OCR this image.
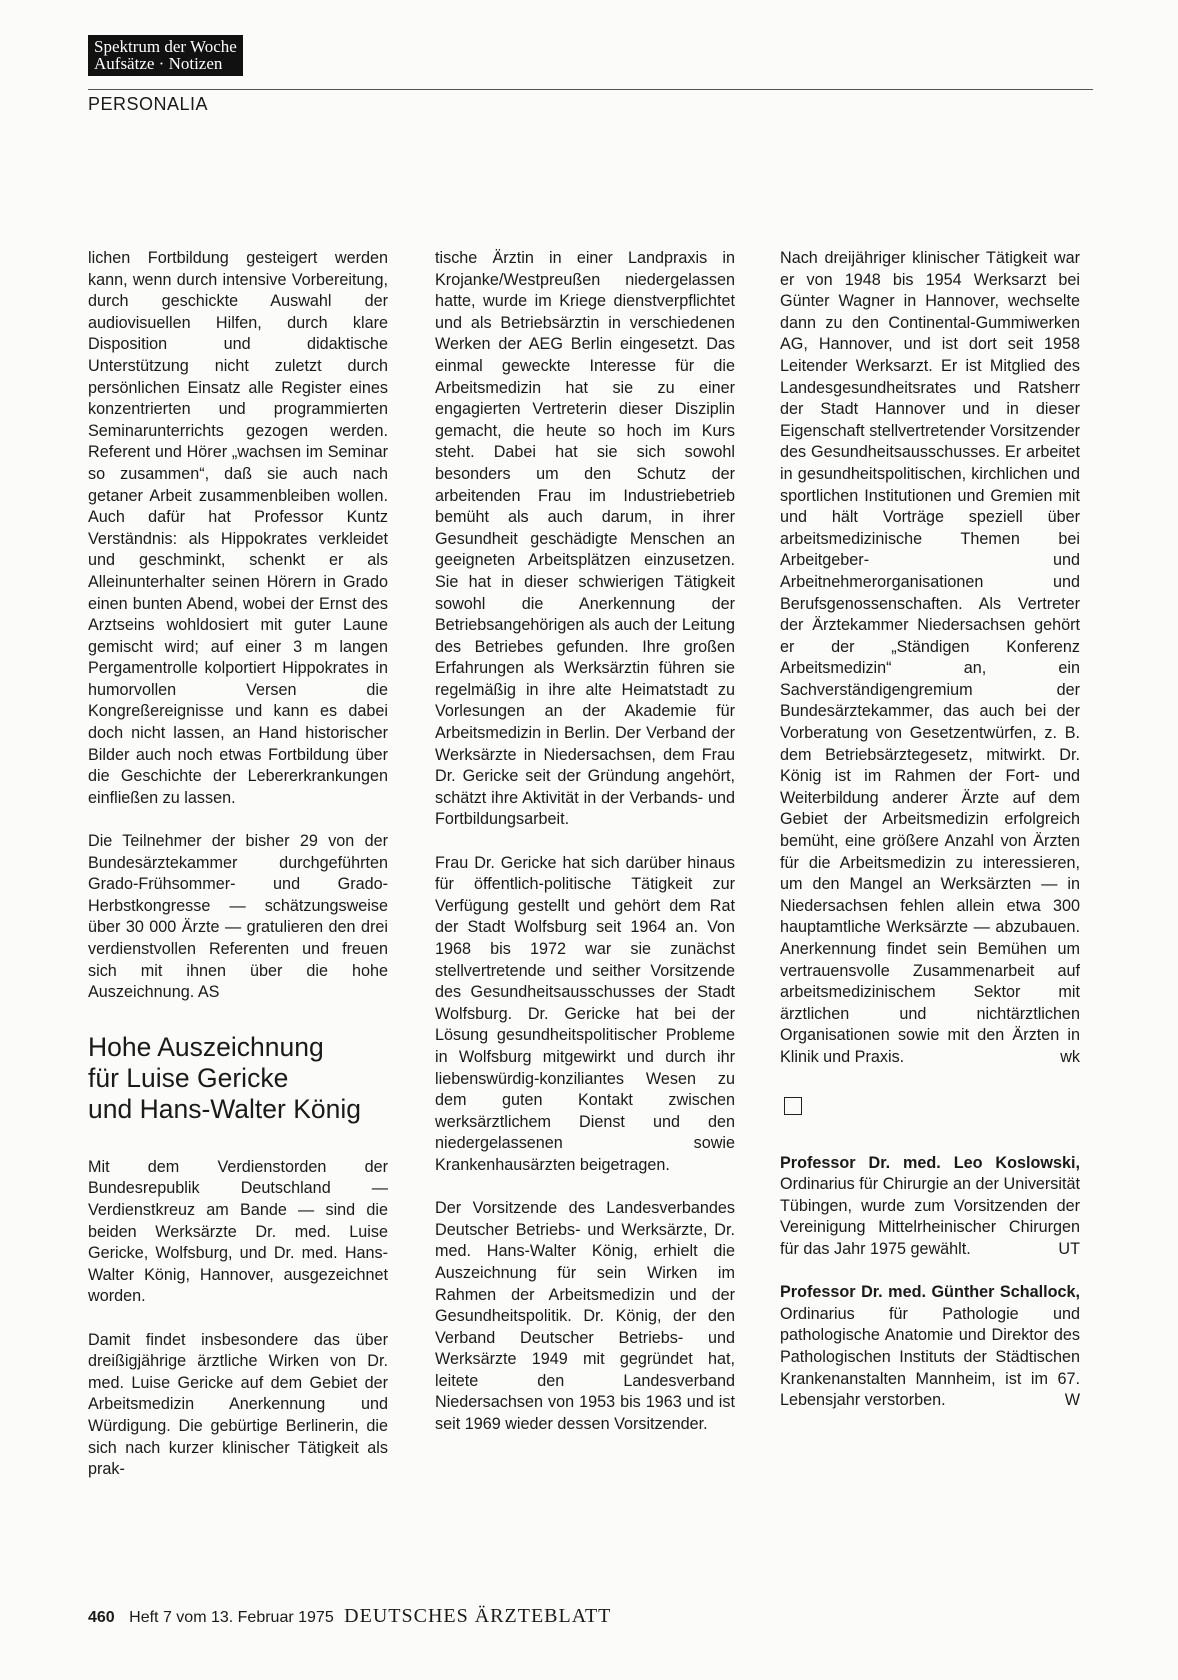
Spektrum der Woche
Aufsätze · Notizen
PERSONALIA

lichen Fortbildung gesteigert werden kann, wenn durch intensive Vorbereitung, durch geschickte Auswahl der audiovisuellen Hilfen, durch klare Disposition und didaktische Unterstützung nicht zuletzt durch persönlichen Einsatz alle Register eines konzentrierten und programmierten Seminarunterrichts gezogen werden. Referent und Hörer „wachsen im Seminar so zusammen“, daß sie auch nach getaner Arbeit zusammenbleiben wollen. Auch dafür hat Professor Kuntz Verständnis: als Hippokrates verkleidet und geschminkt, schenkt er als Alleinunterhalter seinen Hörern in Grado einen bunten Abend, wobei der Ernst des Arztseins wohldosiert mit guter Laune gemischt wird; auf einer 3 m langen Pergamentrolle kolportiert Hippokrates in humorvollen Versen die Kongreßereignisse und kann es dabei doch nicht lassen, an Hand historischer Bilder auch noch etwas Fortbildung über die Geschichte der Lebererkrankungen einfließen zu lassen.

Die Teilnehmer der bisher 29 von der Bundesärztekammer durchgeführten Grado-Frühsommer- und Grado-Herbstkongresse — schätzungsweise über 30 000 Ärzte — gratulieren den drei verdienstvollen Referenten und freuen sich mit ihnen über die hohe Auszeichnung. AS

Hohe Auszeichnung
für Luise Gericke
und Hans-Walter König

Mit dem Verdienstorden der Bundesrepublik Deutschland — Verdienstkreuz am Bande — sind die beiden Werksärzte Dr. med. Luise Gericke, Wolfsburg, und Dr. med. Hans-Walter König, Hannover, ausgezeichnet worden.

Damit findet insbesondere das über dreißigjährige ärztliche Wirken von Dr. med. Luise Gericke auf dem Gebiet der Arbeitsmedizin Anerkennung und Würdigung. Die gebürtige Berlinerin, die sich nach kurzer klinischer Tätigkeit als prak-

tische Ärztin in einer Landpraxis in Krojanke/Westpreußen niedergelassen hatte, wurde im Kriege dienstverpflichtet und als Betriebsärztin in verschiedenen Werken der AEG Berlin eingesetzt. Das einmal geweckte Interesse für die Arbeitsmedizin hat sie zu einer engagierten Vertreterin dieser Disziplin gemacht, die heute so hoch im Kurs steht. Dabei hat sie sich sowohl besonders um den Schutz der arbeitenden Frau im Industriebetrieb bemüht als auch darum, in ihrer Gesundheit geschädigte Menschen an geeigneten Arbeitsplätzen einzusetzen. Sie hat in dieser schwierigen Tätigkeit sowohl die Anerkennung der Betriebsangehörigen als auch der Leitung des Betriebes gefunden. Ihre großen Erfahrungen als Werksärztin führen sie regelmäßig in ihre alte Heimatstadt zu Vorlesungen an der Akademie für Arbeitsmedizin in Berlin. Der Verband der Werksärzte in Niedersachsen, dem Frau Dr. Gericke seit der Gründung angehört, schätzt ihre Aktivität in der Verbands- und Fortbildungsarbeit.

Frau Dr. Gericke hat sich darüber hinaus für öffentlich-politische Tätigkeit zur Verfügung gestellt und gehört dem Rat der Stadt Wolfsburg seit 1964 an. Von 1968 bis 1972 war sie zunächst stellvertretende und seither Vorsitzende des Gesundheitsausschusses der Stadt Wolfsburg. Dr. Gericke hat bei der Lösung gesundheitspolitischer Probleme in Wolfsburg mitgewirkt und durch ihr liebenswürdig-konziliantes Wesen zu dem guten Kontakt zwischen werksärztlichem Dienst und den niedergelassenen sowie Krankenhausärzten beigetragen.

Der Vorsitzende des Landesverbandes Deutscher Betriebs- und Werksärzte, Dr. med. Hans-Walter König, erhielt die Auszeichnung für sein Wirken im Rahmen der Arbeitsmedizin und der Gesundheitspolitik. Dr. König, der den Verband Deutscher Betriebs- und Werksärzte 1949 mit gegründet hat, leitete den Landesverband Niedersachsen von 1953 bis 1963 und ist seit 1969 wieder dessen Vorsitzender.

Nach dreijähriger klinischer Tätigkeit war er von 1948 bis 1954 Werksarzt bei Günter Wagner in Hannover, wechselte dann zu den Continental-Gummiwerken AG, Hannover, und ist dort seit 1958 Leitender Werksarzt. Er ist Mitglied des Landesgesundheitsrates und Ratsherr der Stadt Hannover und in dieser Eigenschaft stellvertretender Vorsitzender des Gesundheitsausschusses. Er arbeitet in gesundheitspolitischen, kirchlichen und sportlichen Institutionen und Gremien mit und hält Vorträge speziell über arbeitsmedizinische Themen bei Arbeitgeber- und Arbeitnehmerorganisationen und Berufsgenossenschaften. Als Vertreter der Ärztekammer Niedersachsen gehört er der „Ständigen Konferenz Arbeitsmedizin“ an, ein Sachverständigengremium der Bundesärztekammer, das auch bei der Vorberatung von Gesetzentwürfen, z. B. dem Betriebsärztegesetz, mitwirkt. Dr. König ist im Rahmen der Fort- und Weiterbildung anderer Ärzte auf dem Gebiet der Arbeitsmedizin erfolgreich bemüht, eine größere Anzahl von Ärzten für die Arbeitsmedizin zu interessieren, um den Mangel an Werksärzten — in Niedersachsen fehlen allein etwa 300 hauptamtliche Werksärzte — abzubauen. Anerkennung findet sein Bemühen um vertrauensvolle Zusammenarbeit auf arbeitsmedizinischem Sektor mit ärztlichen und nichtärztlichen Organisationen sowie mit den Ärzten in Klinik und Praxis.	wk

Professor Dr. med. Leo Koslowski, Ordinarius für Chirurgie an der Universität Tübingen, wurde zum Vorsitzenden der Vereinigung Mittelrheinischer Chirurgen für das Jahr 1975 gewählt.	UT

Professor Dr. med. Günther Schallock, Ordinarius für Pathologie und pathologische Anatomie und Direktor des Pathologischen Instituts der Städtischen Krankenanstalten Mannheim, ist im 67. Lebensjahr verstorben.	W

460 Heft 7 vom 13. Februar 1975 DEUTSCHES ÄRZTEBLATT
